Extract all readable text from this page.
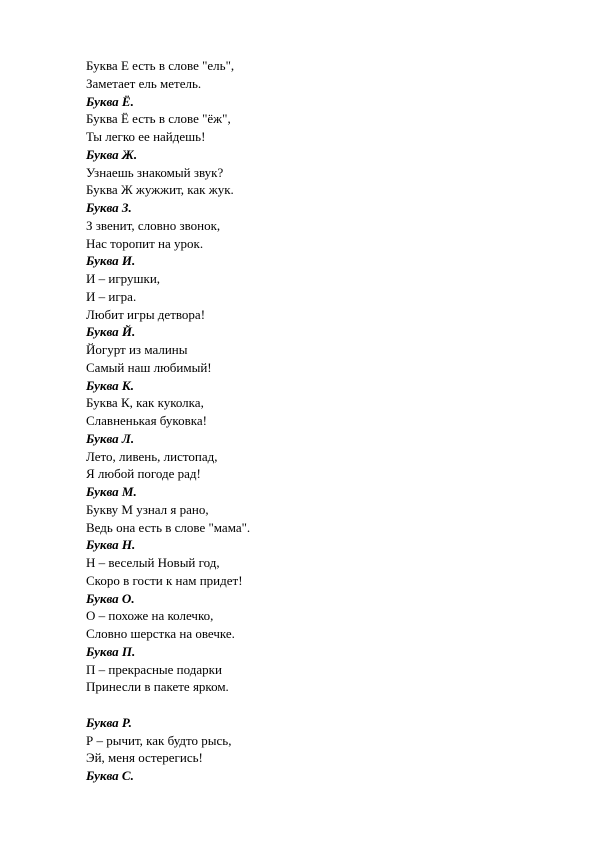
Буква Е есть в слове "ель",
Заметает ель метель.
Буква Ё.
Буква Ё есть в слове "ёж",
Ты легко ее найдешь!
Буква Ж.
Узнаешь знакомый звук?
Буква Ж жужжит, как жук.
Буква З.
З звенит, словно звонок,
Нас торопит на урок.
Буква И.
И – игрушки,
И – игра.
Любит игры детвора!
Буква Й.
Йогурт из малины
Самый наш любимый!
Буква К.
Буква К, как куколка,
Славненькая буковка!
Буква Л.
Лето, ливень, листопад,
Я любой погоде рад!
Буква М.
Букву М узнал я рано,
Ведь она есть в слове "мама".
Буква Н.
Н – веселый Новый год,
Скоро в гости к нам придет!
Буква О.
О – похоже на колечко,
Словно шерстка на овечке.
Буква П.
П – прекрасные подарки
Принесли в пакете ярком.
Буква Р.
Р – рычит, как будто рысь,
Эй, меня остерегись!
Буква С.
